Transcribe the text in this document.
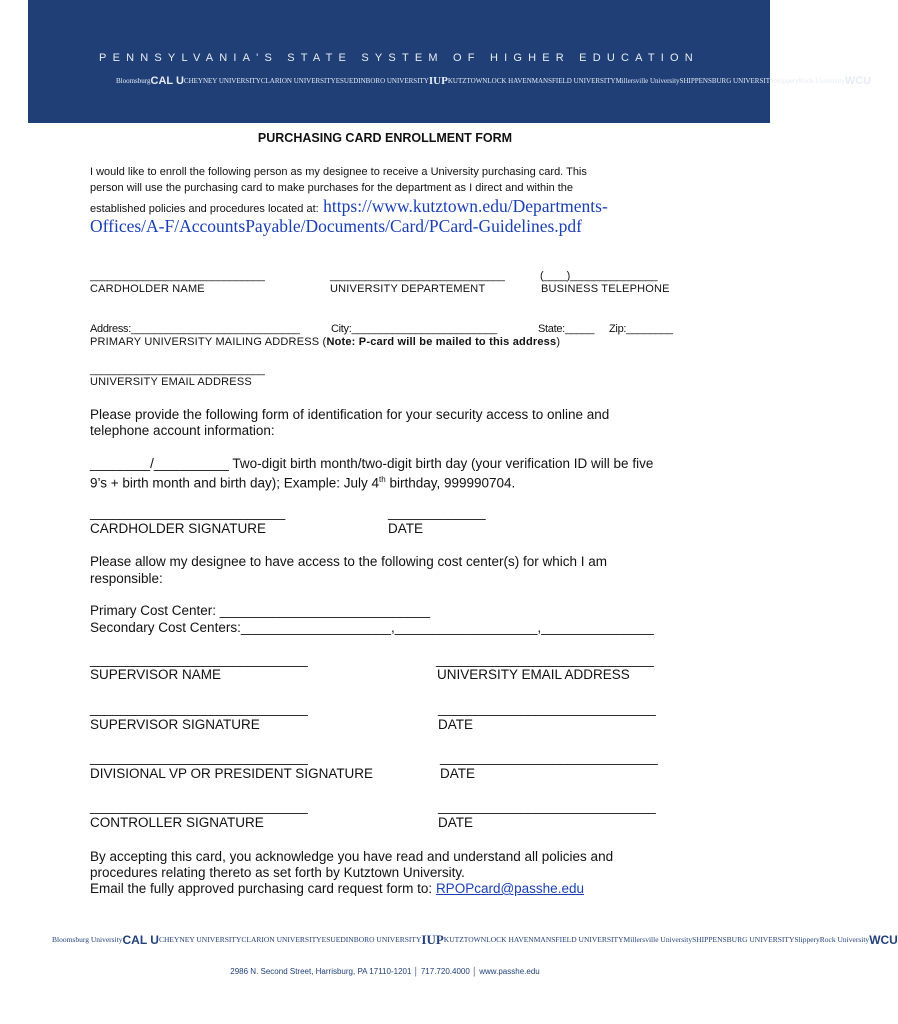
PENNSYLVANIA'S STATE SYSTEM OF HIGHER EDUCATION
Bloomsburg CAL U CHEYNEY UNIVERSITY CLARION UNIVERSITY ESU EDINBORO UNIVERSITY IUP KUTZTOWN LOCK HAVEN MANSFIELD UNIVERSITY Millersville University SHIPPENSBURG UNIVERSITY SlipperyRock University WCU
PURCHASING CARD ENROLLMENT FORM
I would like to enroll the following person as my designee to receive a University purchasing card. This
person will use the purchasing card to make purchases for the department as I direct and within the
established policies and procedures located at: https://www.kutztown.edu/Departments-
Offices/A-F/AccountsPayable/Documents/Card/PCard-Guidelines.pdf
______________________________	______________________________	(____)_______________
CARDHOLDER NAME	UNIVERSITY DEPARTEMENT	BUSINESS TELEPHONE
Address:_____________________________	City:_________________________	State:_____ Zip:________
PRIMARY UNIVERSITY MAILING ADDRESS (Note: P-card will be mailed to this address)
______________________________
UNIVERSITY EMAIL ADDRESS
Please provide the following form of identification for your security access to online and
telephone account information:
________/__________ Two-digit birth month/two-digit birth day (your verification ID will be five
9’s + birth month and birth day); Example: July 4th birthday, 999990704.
__________________________	_____________
CARDHOLDER SIGNATURE	DATE
Please allow my designee to have access to the following cost center(s) for which I am
responsible:
Primary Cost Center: ____________________________
Secondary Cost Centers:____________________,___________________,_______________
_____________________________	_____________________________
SUPERVISOR NAME	UNIVERSITY EMAIL ADDRESS
_____________________________	_____________________________
SUPERVISOR SIGNATURE	DATE
_____________________________	_____________________________
DIVISIONAL VP OR PRESIDENT SIGNATURE	DATE
_____________________________	_____________________________
CONTROLLER SIGNATURE	DATE
By accepting this card, you acknowledge you have read and understand all policies and
procedures relating thereto as set forth by Kutztown University.
Email the fully approved purchasing card request form to: RPOPcard@passhe.edu
Bloomsburg University CAL U CHEYNEY UNIVERSITY CLARION UNIVERSITY ESU EDINBORO UNIVERSITY IUP KUTZTOWN LOCK HAVEN MANSFIELD UNIVERSITY Millersville University SHIPPENSBURG UNIVERSITY SlipperyRock University WCU
2986 N. Second Street, Harrisburg, PA 17110-1201 │ 717.720.4000 │ www.passhe.edu
